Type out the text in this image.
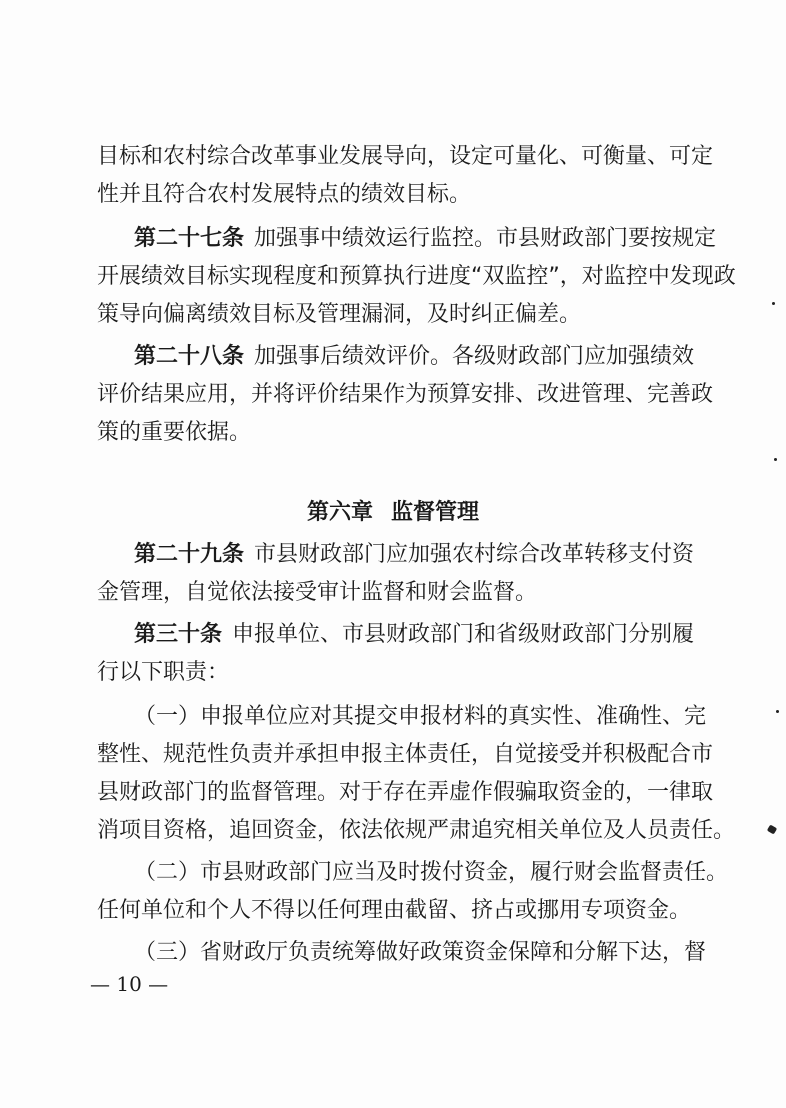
目标和农村综合改革事业发展导向，设定可量化、可衡量、可定
性并且符合农村发展特点的绩效目标。
第二十七条 加强事中绩效运行监控。市县财政部门要按规定
开展绩效目标实现程度和预算执行进度“双监控”，对监控中发现政
策导向偏离绩效目标及管理漏洞，及时纠正偏差。
第二十八条 加强事后绩效评价。各级财政部门应加强绩效
评价结果应用，并将评价结果作为预算安排、改进管理、完善政
策的重要依据。
第六章 监督管理
第二十九条 市县财政部门应加强农村综合改革转移支付资
金管理，自觉依法接受审计监督和财会监督。
第三十条 申报单位、市县财政部门和省级财政部门分别履
行以下职责：
（一）申报单位应对其提交申报材料的真实性、准确性、完
整性、规范性负责并承担申报主体责任，自觉接受并积极配合市
县财政部门的监督管理。对于存在弄虚作假骗取资金的，一律取
消项目资格，追回资金，依法依规严肃追究相关单位及人员责任。
（二）市县财政部门应当及时拨付资金，履行财会监督责任。
任何单位和个人不得以任何理由截留、挤占或挪用专项资金。
（三）省财政厅负责统筹做好政策资金保障和分解下达，督
— 10 —
